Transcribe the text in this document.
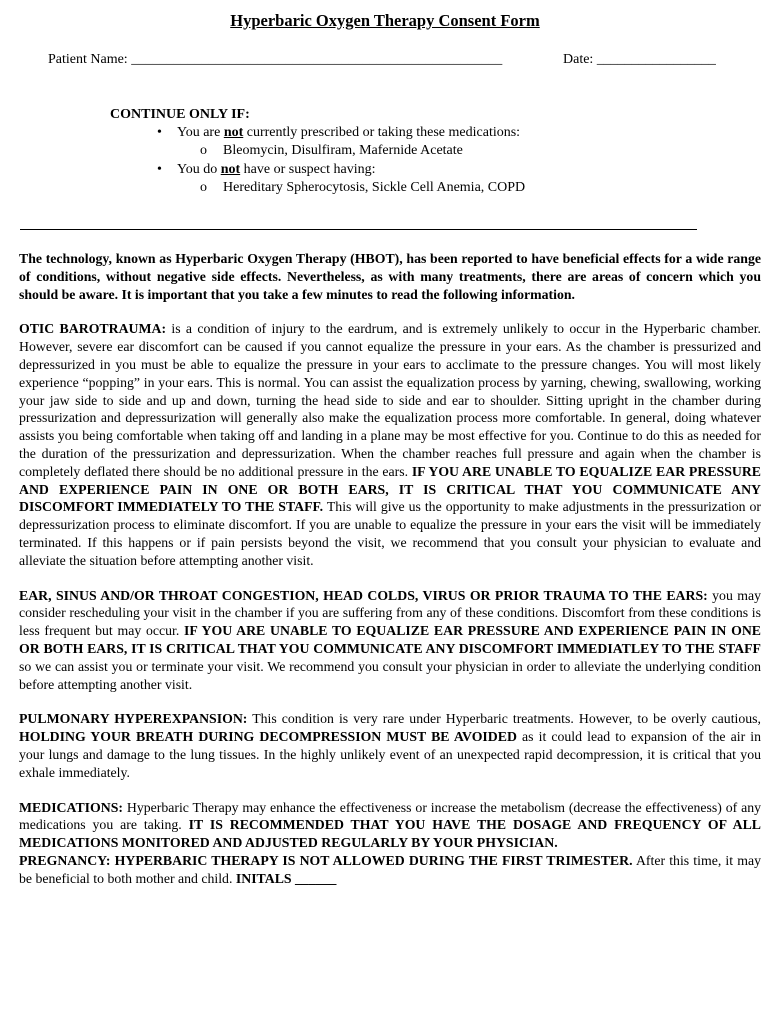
Hyperbaric Oxygen Therapy Consent Form
Patient Name: _____________________________________________________	Date: _________________
CONTINUE ONLY IF:
• You are not currently prescribed or taking these medications:
o Bleomycin, Disulfiram, Mafernide Acetate
• You do not have or suspect having:
o Hereditary Spherocytosis, Sickle Cell Anemia, COPD

The technology, known as Hyperbaric Oxygen Therapy (HBOT), has been reported to have beneficial effects for a wide range of conditions, without negative side effects. Nevertheless, as with many treatments, there are areas of concern which you should be aware. It is important that you take a few minutes to read the following information.

OTIC BAROTRAUMA: is a condition of injury to the eardrum, and is extremely unlikely to occur in the Hyperbaric chamber. However, severe ear discomfort can be caused if you cannot equalize the pressure in your ears. As the chamber is pressurized and depressurized in you must be able to equalize the pressure in your ears to acclimate to the pressure changes. You will most likely experience “popping” in your ears. This is normal. You can assist the equalization process by yarning, chewing, swallowing, working your jaw side to side and up and down, turning the head side to side and ear to shoulder. Sitting upright in the chamber during pressurization and depressurization will generally also make the equalization process more comfortable. In general, doing whatever assists you being comfortable when taking off and landing in a plane may be most effective for you. Continue to do this as needed for the duration of the pressurization and depressurization. When the chamber reaches full pressure and again when the chamber is completely deflated there should be no additional pressure in the ears. IF YOU ARE UNABLE TO EQUALIZE EAR PRESSURE AND EXPERIENCE PAIN IN ONE OR BOTH EARS, IT IS CRITICAL THAT YOU COMMUNICATE ANY DISCOMFORT IMMEDIATELY TO THE STAFF. This will give us the opportunity to make adjustments in the pressurization or depressurization process to eliminate discomfort. If you are unable to equalize the pressure in your ears the visit will be immediately terminated. If this happens or if pain persists beyond the visit, we recommend that you consult your physician to evaluate and alleviate the situation before attempting another visit.

EAR, SINUS AND/OR THROAT CONGESTION, HEAD COLDS, VIRUS OR PRIOR TRAUMA TO THE EARS: you may consider rescheduling your visit in the chamber if you are suffering from any of these conditions. Discomfort from these conditions is less frequent but may occur. IF YOU ARE UNABLE TO EQUALIZE EAR PRESSURE AND EXPERIENCE PAIN IN ONE OR BOTH EARS, IT IS CRITICAL THAT YOU COMMUNICATE ANY DISCOMFORT IMMEDIATLEY TO THE STAFF so we can assist you or terminate your visit. We recommend you consult your physician in order to alleviate the underlying condition before attempting another visit.

PULMONARY HYPEREXPANSION: This condition is very rare under Hyperbaric treatments. However, to be overly cautious, HOLDING YOUR BREATH DURING DECOMPRESSION MUST BE AVOIDED as it could lead to expansion of the air in your lungs and damage to the lung tissues. In the highly unlikely event of an unexpected rapid decompression, it is critical that you exhale immediately.

MEDICATIONS: Hyperbaric Therapy may enhance the effectiveness or increase the metabolism (decrease the effectiveness) of any medications you are taking. IT IS RECOMMENDED THAT YOU HAVE THE DOSAGE AND FREQUENCY OF ALL MEDICATIONS MONITORED AND ADJUSTED REGULARLY BY YOUR PHYSICIAN.

PREGNANCY: HYPERBARIC THERAPY IS NOT ALLOWED DURING THE FIRST TRIMESTER. After this time, it may be beneficial to both mother and child. INITALS ______
